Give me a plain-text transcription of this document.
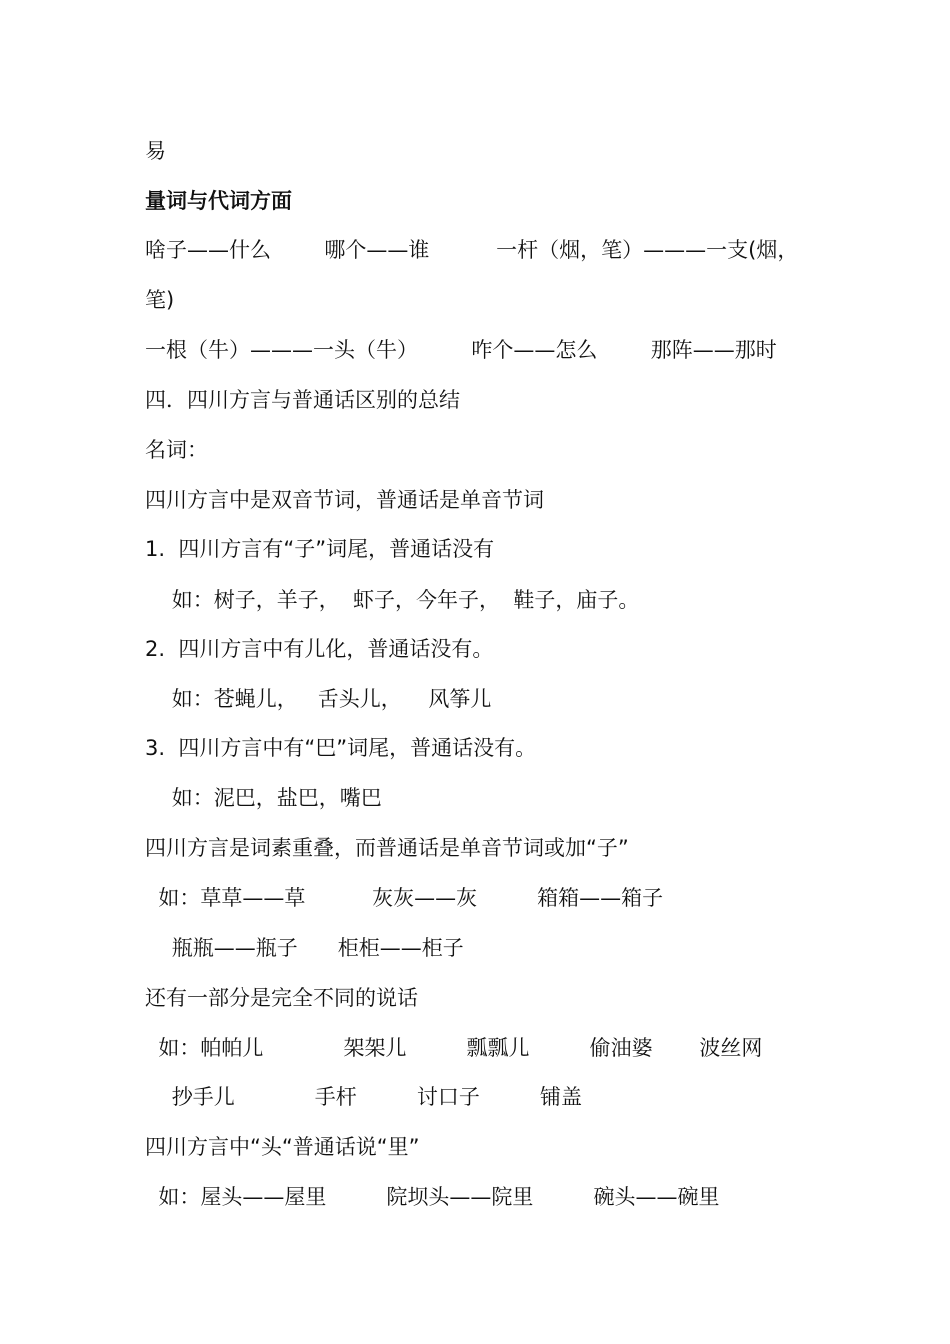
易
量词与代词方面
啥子——什么        哪个——谁          一杆（烟，笔）———一支(烟，
笔)
一根（牛）———一头（牛）        咋个——怎么        那阵——那时
四．四川方言与普通话区别的总结
名词：
四川方言中是双音节词，普通话是单音节词
1.  四川方言有“子”词尾，普通话没有
如：树子，羊子，  虾子，今年子，  鞋子，庙子。
2.  四川方言中有儿化，普通话没有。
如：苍蝇儿，   舌头儿，    风筝儿
3.  四川方言中有“巴”词尾，普通话没有。
如：泥巴，盐巴，嘴巴
四川方言是词素重叠，而普通话是单音节词或加“子”
如：草草——草          灰灰——灰         箱箱——箱子
瓶瓶——瓶子      柜柜——柜子
还有一部分是完全不同的说话
如：帕帕儿            架架儿         瓢瓢儿         偷油婆       波丝网
抄手儿            手杆         讨口子         铺盖
四川方言中“头“普通话说“里”
如：屋头——屋里         院坝头——院里         碗头——碗里
